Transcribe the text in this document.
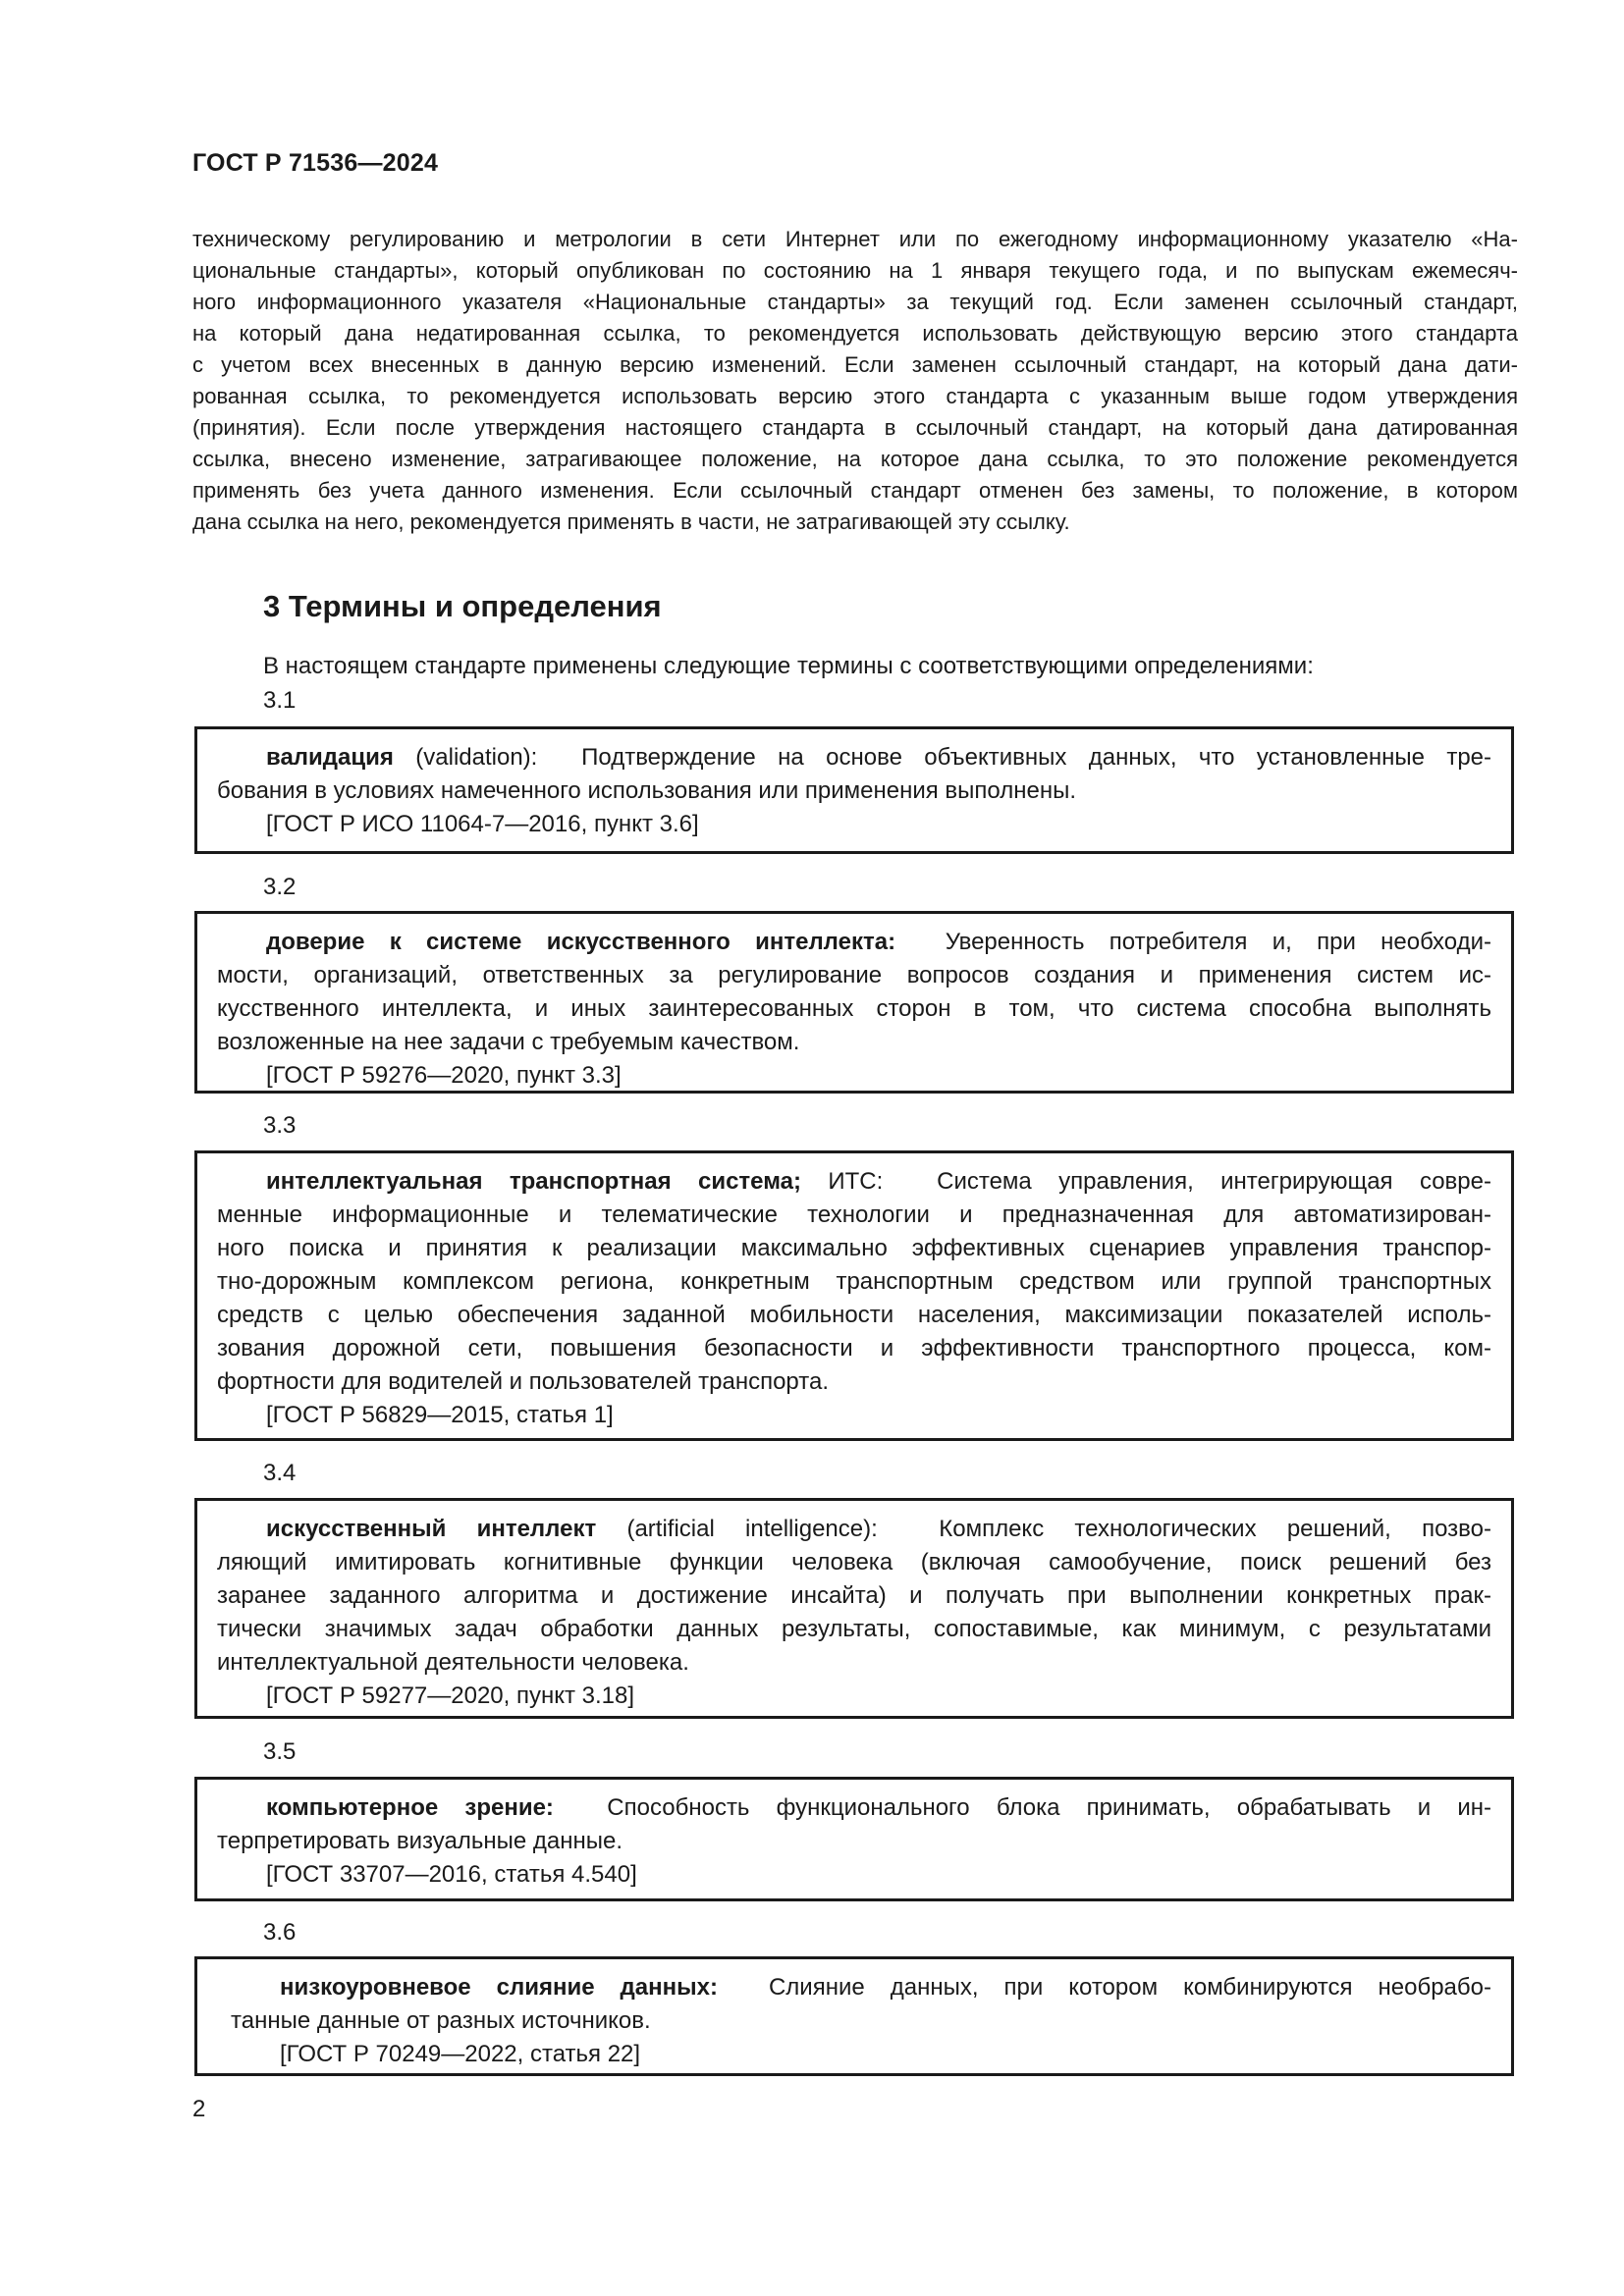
ГОСТ Р 71536—2024
техническому регулированию и метрологии в сети Интернет или по ежегодному информационному указателю «На-
циональные стандарты», который опубликован по состоянию на 1 января текущего года, и по выпускам ежемесяч-
ного информационного указателя «Национальные стандарты» за текущий год. Если заменен ссылочный стандарт,
на который дана недатированная ссылка, то рекомендуется использовать действующую версию этого стандарта
с учетом всех внесенных в данную версию изменений. Если заменен ссылочный стандарт, на который дана дати-
рованная ссылка, то рекомендуется использовать версию этого стандарта с указанным выше годом утверждения
(принятия). Если после утверждения настоящего стандарта в ссылочный стандарт, на который дана датированная
ссылка, внесено изменение, затрагивающее положение, на которое дана ссылка, то это положение рекомендуется
применять без учета данного изменения. Если ссылочный стандарт отменен без замены, то положение, в котором
дана ссылка на него, рекомендуется применять в части, не затрагивающей эту ссылку.
3 Термины и определения
В настоящем стандарте применены следующие термины с соответствующими определениями:
3.1
валидация (validation): Подтверждение на основе объективных данных, что установленные тре-
бования в условиях намеченного использования или применения выполнены.
[ГОСТ Р ИСО 11064-7—2016, пункт 3.6]
3.2
доверие к системе искусственного интеллекта: Уверенность потребителя и, при необходи-
мости, организаций, ответственных за регулирование вопросов создания и применения систем ис-
кусственного интеллекта, и иных заинтересованных сторон в том, что система способна выполнять
возложенные на нее задачи с требуемым качеством.
[ГОСТ Р 59276—2020, пункт 3.3]
3.3
интеллектуальная транспортная система; ИТС: Система управления, интегрирующая совре-
менные информационные и телематические технологии и предназначенная для автоматизирован-
ного поиска и принятия к реализации максимально эффективных сценариев управления транспор-
тно-дорожным комплексом региона, конкретным транспортным средством или группой транспортных
средств с целью обеспечения заданной мобильности населения, максимизации показателей исполь-
зования дорожной сети, повышения безопасности и эффективности транспортного процесса, ком-
фортности для водителей и пользователей транспорта.
[ГОСТ Р 56829—2015, статья 1]
3.4
искусственный интеллект (artificial intelligence):	Комплекс технологических решений, позво-
ляющий имитировать когнитивные функции человека (включая самообучение, поиск решений без
заранее заданного алгоритма и достижение инсайта) и получать при выполнении конкретных прак-
тически значимых задач обработки данных результаты, сопоставимые, как минимум, с результатами
интеллектуальной деятельности человека.
[ГОСТ Р 59277—2020, пункт 3.18]
3.5
компьютерное зрение: Способность функционального блока принимать, обрабатывать и ин-
терпретировать визуальные данные.
[ГОСТ 33707—2016, статья 4.540]
3.6
низкоуровневое слияние данных: Слияние данных, при котором комбинируются необрабо-
танные данные от разных источников.
[ГОСТ Р 70249—2022, статья 22]
2
